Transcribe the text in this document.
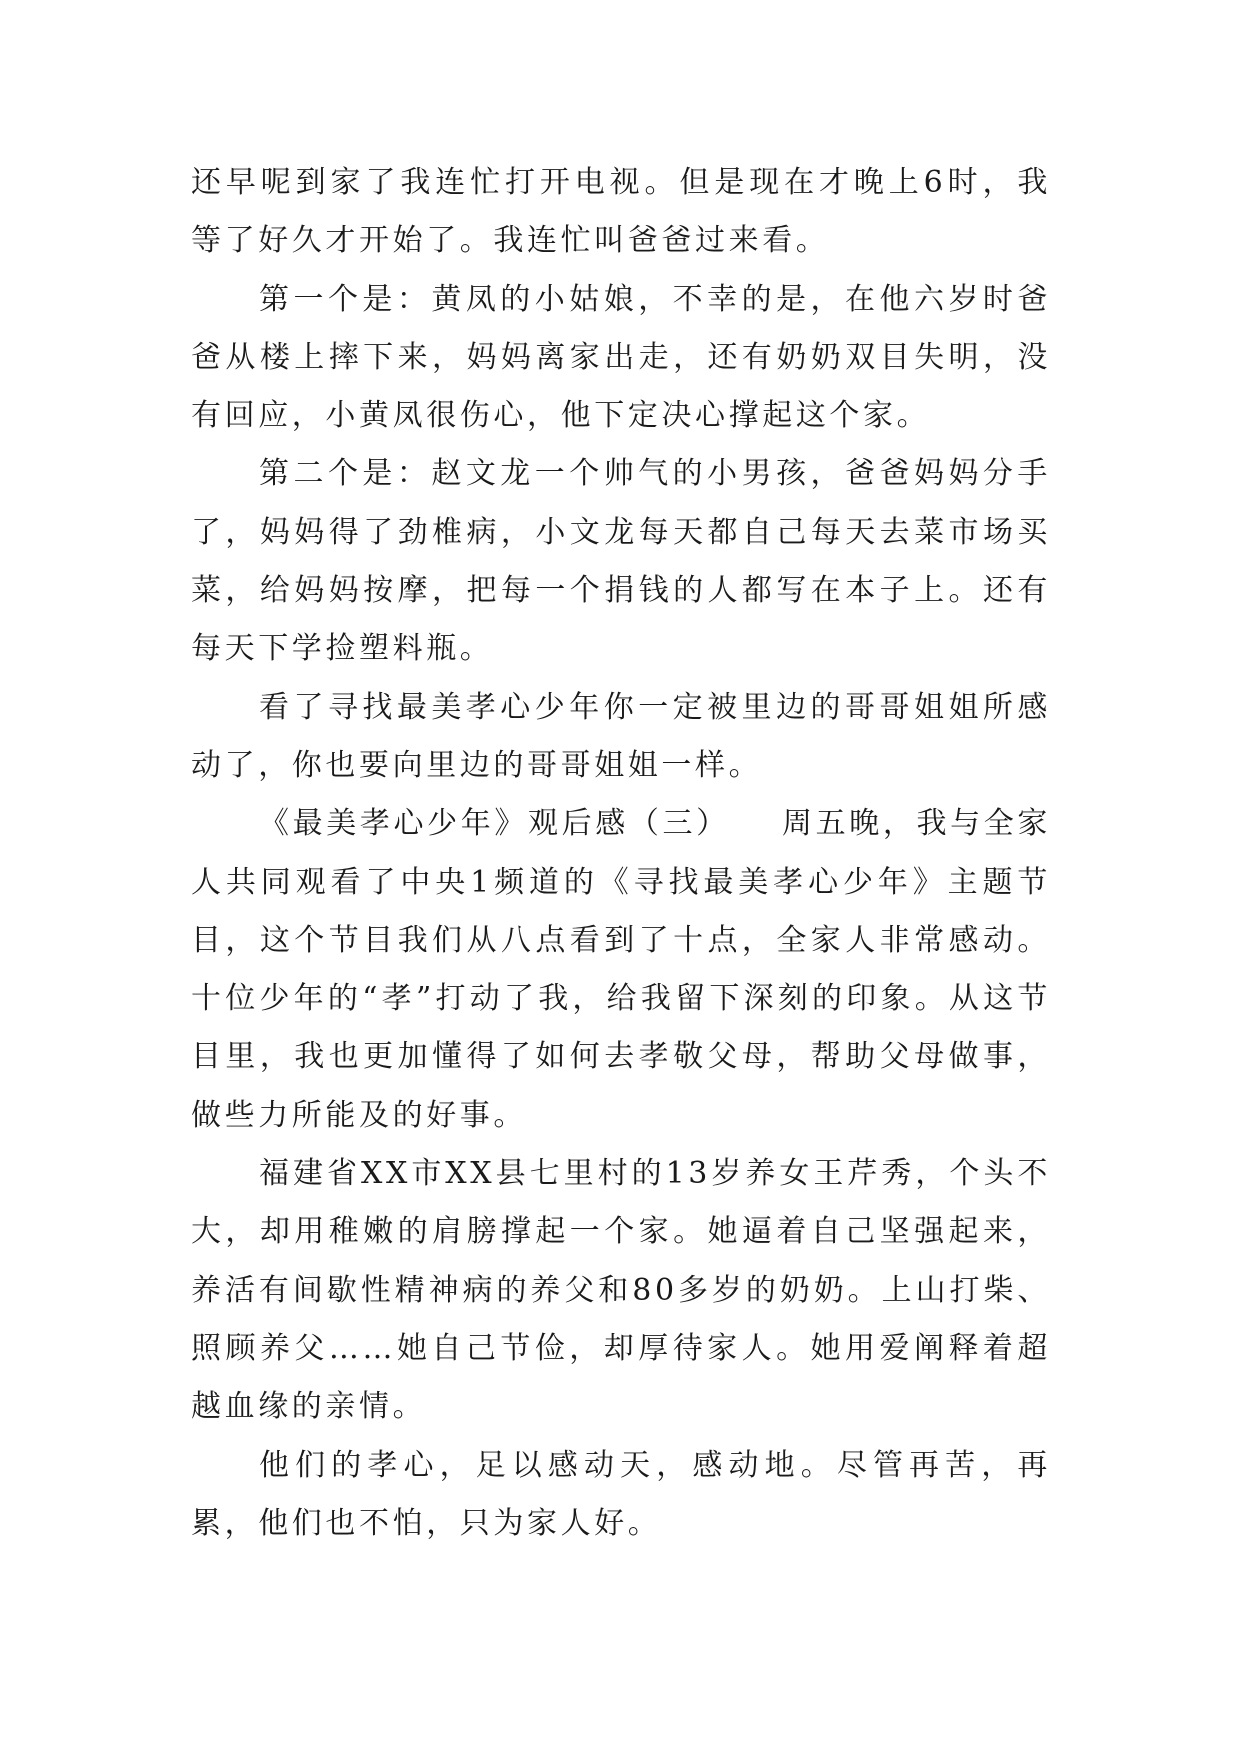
还早呢到家了我连忙打开电视。但是现在才晚上6时，我等了好久才开始了。我连忙叫爸爸过来看。

第一个是：黄凤的小姑娘，不幸的是，在他六岁时爸爸从楼上摔下来，妈妈离家出走，还有奶奶双目失明，没有回应，小黄凤很伤心，他下定决心撑起这个家。

第二个是：赵文龙一个帅气的小男孩，爸爸妈妈分手了，妈妈得了劲椎病，小文龙每天都自己每天去菜市场买菜，给妈妈按摩，把每一个捐钱的人都写在本子上。还有每天下学捡塑料瓶。

看了寻找最美孝心少年你一定被里边的哥哥姐姐所感动了，你也要向里边的哥哥姐姐一样。

《最美孝心少年》观后感（三）　　周五晚，我与全家人共同观看了中央1频道的《寻找最美孝心少年》主题节目，这个节目我们从八点看到了十点，全家人非常感动。十位少年的“孝”打动了我，给我留下深刻的印象。从这节目里，我也更加懂得了如何去孝敬父母，帮助父母做事，做些力所能及的好事。

福建省XX市XX县七里村的13岁养女王芹秀，个头不大，却用稚嫩的肩膀撑起一个家。她逼着自己坚强起来，养活有间歇性精神病的养父和80多岁的奶奶。上山打柴、照顾养父……她自己节俭，却厚待家人。她用爱阐释着超越血缘的亲情。

他们的孝心，足以感动天，感动地。尽管再苦，再累，他们也不怕，只为家人好。
